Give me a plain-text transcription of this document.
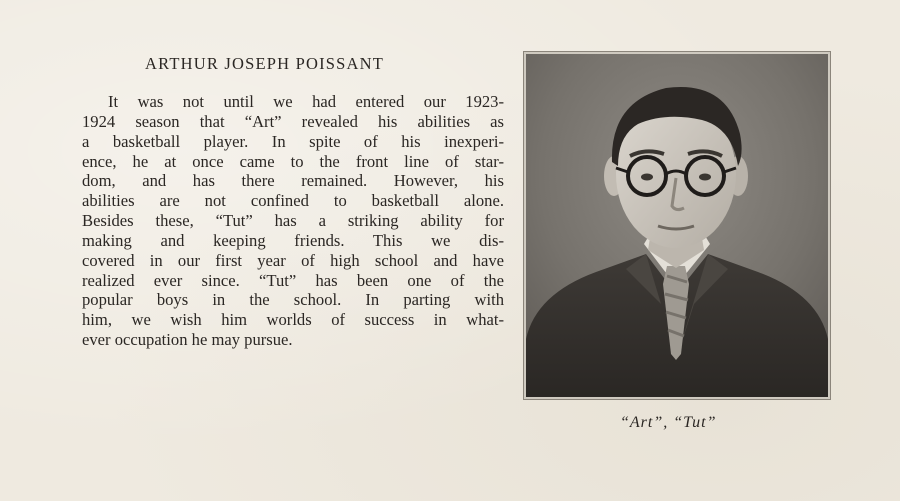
ARTHUR JOSEPH POISSANT
It was not until we had entered our 1923-
1924 season that “Art” revealed his abilities as
a basketball player. In spite of his inexperi-
ence, he at once came to the front line of star-
dom, and has there remained. However, his
abilities are not confined to basketball alone.
Besides these, “Tut” has a striking ability for
making and keeping friends. This we dis-
covered in our first year of high school and have
realized ever since. “Tut” has been one of the
popular boys in the school. In parting with
him, we wish him worlds of success in what-
ever occupation he may pursue.
“Art”, “Tut”
